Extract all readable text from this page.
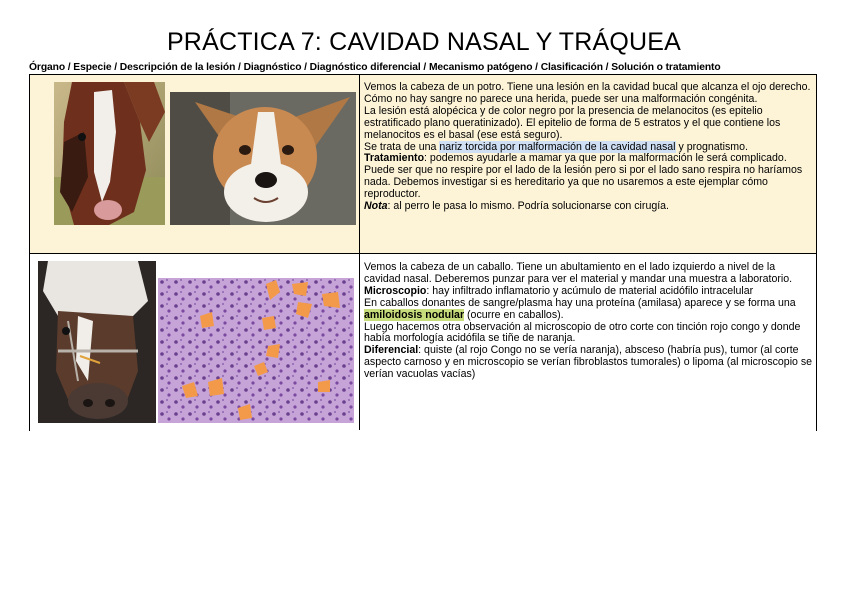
PRÁCTICA 7: CAVIDAD NASAL Y TRÁQUEA
Órgano / Especie / Descripción de la lesión / Diagnóstico / Diagnóstico diferencial / Mecanismo patógeno / Clasificación / Solución o tratamiento

Vemos la cabeza de un potro. Tiene una lesión en la cavidad bucal que alcanza el ojo derecho. Cómo no hay sangre no parece una herida, puede ser una malformación congénita.

La lesión está alopécica y de color negro por la presencia de melanocitos (es epitelio estratificado plano queratinizado). El epitelio de forma de 5 estratos y el que contiene los melanocitos es el basal (ese está seguro).

Se trata de una nariz torcida por malformación de la cavidad nasal y prognatismo.

Tratamiento: podemos ayudarle a mamar ya que por la malformación le será complicado. Puede ser que no respire por el lado de la lesión pero si por el lado sano respira no haríamos nada. Debemos investigar si es hereditario ya que no usaremos a este ejemplar cómo reproductor.

Nota: al perro le pasa lo mismo. Podría solucionarse con cirugía.

Vemos la cabeza de un caballo. Tiene un abultamiento en el lado izquierdo a nivel de la cavidad nasal. Deberemos punzar para ver el material y mandar una muestra a laboratorio.

Microscopio: hay infiltrado inflamatorio y acúmulo de material acidófilo intracelular

En caballos donantes de sangre/plasma hay una proteína (amilasa) aparece y se forma una amiloidosis nodular (ocurre en caballos).

Luego hacemos otra observación al microscopio de otro corte con tinción rojo congo y donde había morfología acidófila se tiñe de naranja.

Diferencial: quiste (al rojo Congo no se vería naranja), absceso (habría pus), tumor (al corte aspecto carnoso y en microscopio se verían fibroblastos tumorales) o lipoma (al microscopio se verían vacuolas vacías)
